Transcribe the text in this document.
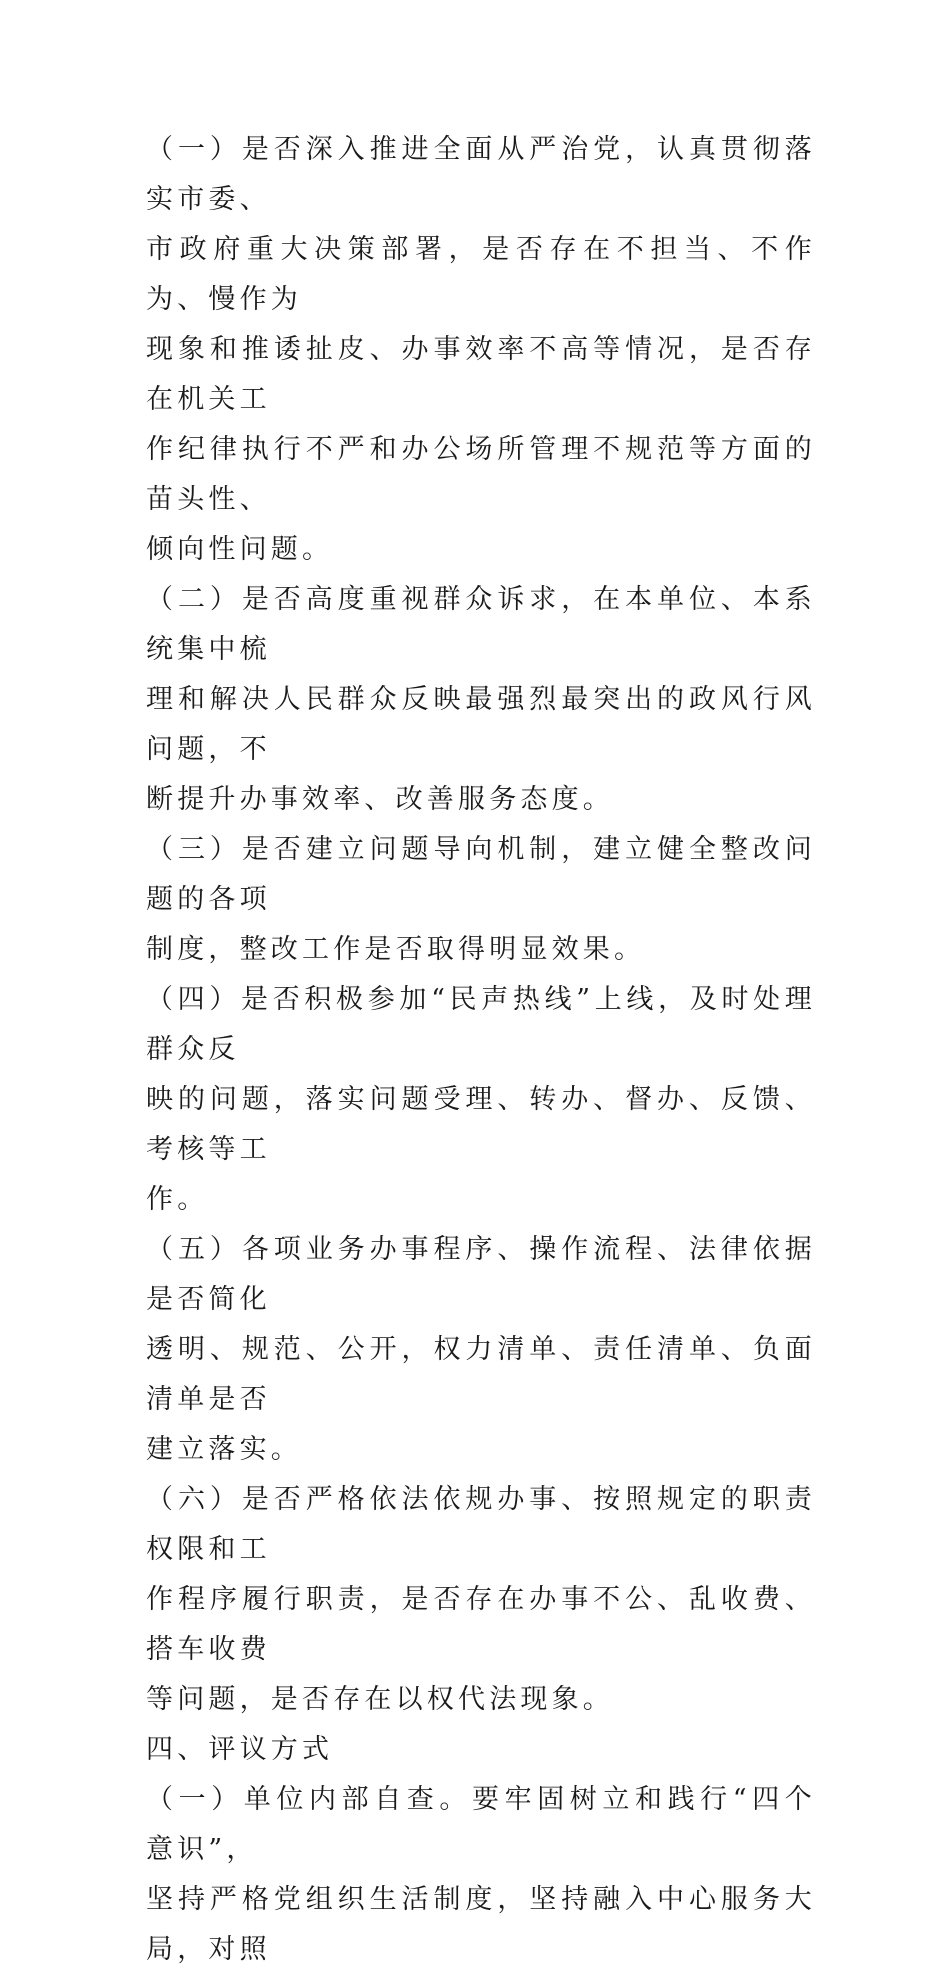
（一）是否深入推进全面从严治党，认真贯彻落实市委、
市政府重大决策部署，是否存在不担当、不作为、慢作为
现象和推诿扯皮、办事效率不高等情况，是否存在机关工
作纪律执行不严和办公场所管理不规范等方面的苗头性、
倾向性问题。

（二）是否高度重视群众诉求，在本单位、本系统集中梳
理和解决人民群众反映最强烈最突出的政风行风问题，不
断提升办事效率、改善服务态度。

（三）是否建立问题导向机制，建立健全整改问题的各项
制度，整改工作是否取得明显效果。

（四）是否积极参加“民声热线”上线，及时处理群众反
映的问题，落实问题受理、转办、督办、反馈、考核等工
作。

（五）各项业务办事程序、操作流程、法律依据是否简化
透明、规范、公开，权力清单、责任清单、负面清单是否
建立落实。

（六）是否严格依法依规办事、按照规定的职责权限和工
作程序履行职责，是否存在办事不公、乱收费、搭车收费
等问题，是否存在以权代法现象。

四、评议方式

（一）单位内部自查。要牢固树立和践行“四个意识”，
坚持严格党组织生活制度，坚持融入中心服务大局，对照
